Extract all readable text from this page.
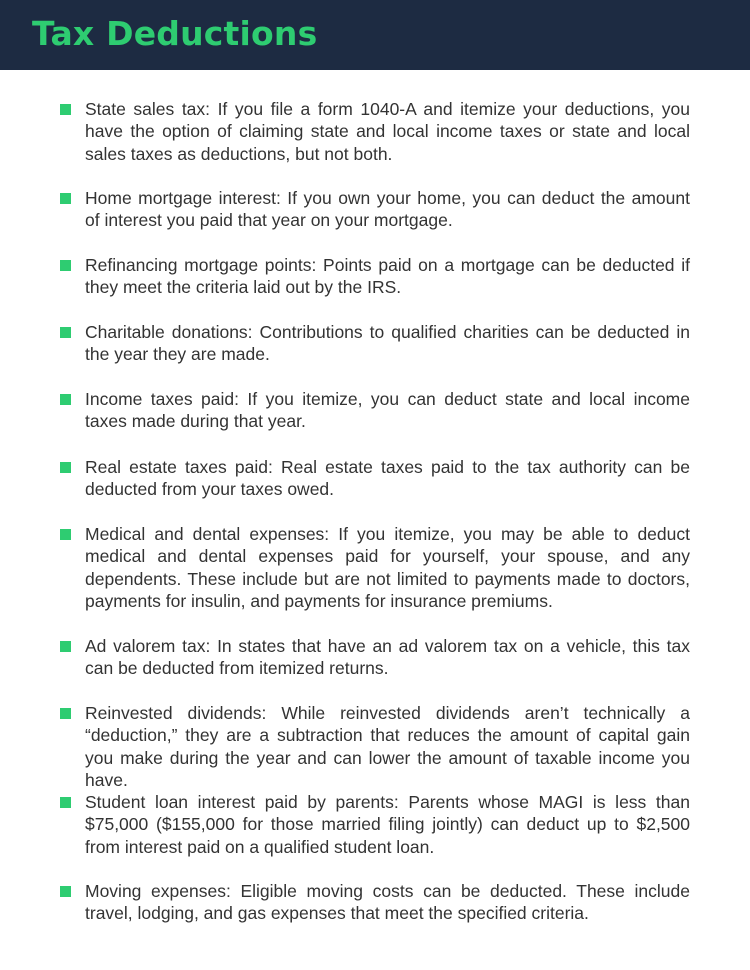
Tax Deductions

State sales tax: If you file a form 1040-A and itemize your deductions, you have the option of claiming state and local income taxes or state and local sales taxes as deductions, but not both.

Home mortgage interest: If you own your home, you can deduct the amount of interest you paid that year on your mortgage.

Refinancing mortgage points: Points paid on a mortgage can be deducted if they meet the criteria laid out by the IRS.

Charitable donations: Contributions to qualified charities can be deducted in the year they are made.

Income taxes paid: If you itemize, you can deduct state and local income taxes made during that year.

Real estate taxes paid: Real estate taxes paid to the tax authority can be deducted from your taxes owed.

Medical and dental expenses: If you itemize, you may be able to deduct medical and dental expenses paid for yourself, your spouse, and any dependents. These include but are not limited to payments made to doctors, payments for insulin, and payments for insurance premiums.

Ad valorem tax: In states that have an ad valorem tax on a vehicle, this tax can be deducted from itemized returns.

Reinvested dividends: While reinvested dividends aren’t technically a “deduction,” they are a subtraction that reduces the amount of capital gain you make during the year and can lower the amount of taxable income you have.

Student loan interest paid by parents: Parents whose MAGI is less than $75,000 ($155,000 for those married filing jointly) can deduct up to $2,500 from interest paid on a qualified student loan.

Moving expenses: Eligible moving costs can be deducted. These include travel, lodging, and gas expenses that meet the specified criteria.
